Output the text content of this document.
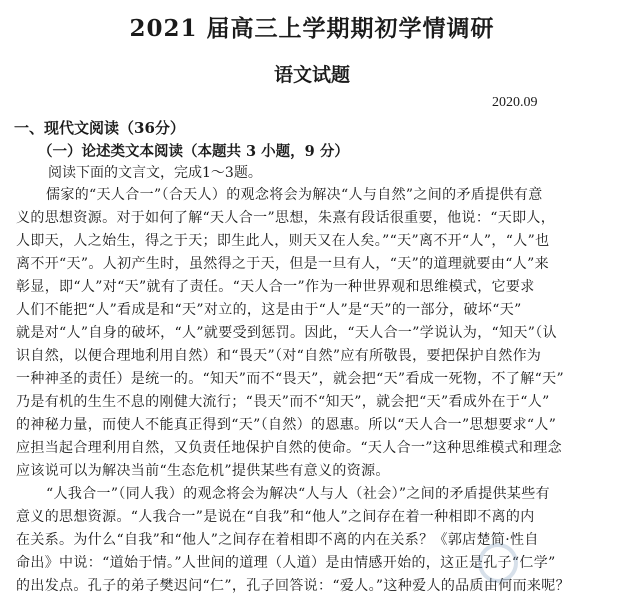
2021 届高三上学期期初学情调研
语文试题
2020.09
一、现代文阅读（36分）
（一）论述类文本阅读（本题共 3 小题，9 分）
阅读下面的文言文，完成1～3题。
儒家的“天人合一”（合天人）的观念将会为解决“人与自然”之间的矛盾提供有意
义的思想资源。对于如何了解“天人合一”思想，朱熹有段话很重要，他说：“天即人，
人即天，人之始生，得之于天；即生此人，则天又在人矣。”“天”离不开“人”，“人”也
离不开“天”。人初产生时，虽然得之于天，但是一旦有人，“天”的道理就要由“人”来
彰显，即“人”对“天”就有了责任。“天人合一”作为一种世界观和思维模式，它要求
人们不能把“人”看成是和“天”对立的，这是由于“人”是“天”的一部分，破坏“天”
就是对“人”自身的破坏，“人”就要受到惩罚。因此，“天人合一”学说认为，“知天”（认
识自然，以便合理地利用自然）和“畏天”（对“自然”应有所敬畏，要把保护自然作为
一种神圣的责任）是统一的。“知天”而不“畏天”，就会把“天”看成一死物，不了解“天”
乃是有机的生生不息的刚健大流行；“畏天”而不“知天”，就会把“天”看成外在于“人”
的神秘力量，而使人不能真正得到“天”（自然）的恩惠。所以“天人合一”思想要求“人”
应担当起合理利用自然，又负责任地保护自然的使命。“天人合一”这种思维模式和理念
应该说可以为解决当前“生态危机”提供某些有意义的资源。
“人我合一”（同人我）的观念将会为解决“人与人（社会）”之间的矛盾提供某些有
意义的思想资源。“人我合一”是说在“自我”和“他人”之间存在着一种相即不离的内
在关系。为什么“自我”和“他人”之间存在着相即不离的内在关系？《郭店楚简·性自
命出》中说：“道始于情。”人世间的道理（人道）是由情感开始的，这正是孔子“仁学”
的出发点。孔子的弟子樊迟问“仁”，孔子回答说：“爱人。”这种爱人的品质由何而来呢？
